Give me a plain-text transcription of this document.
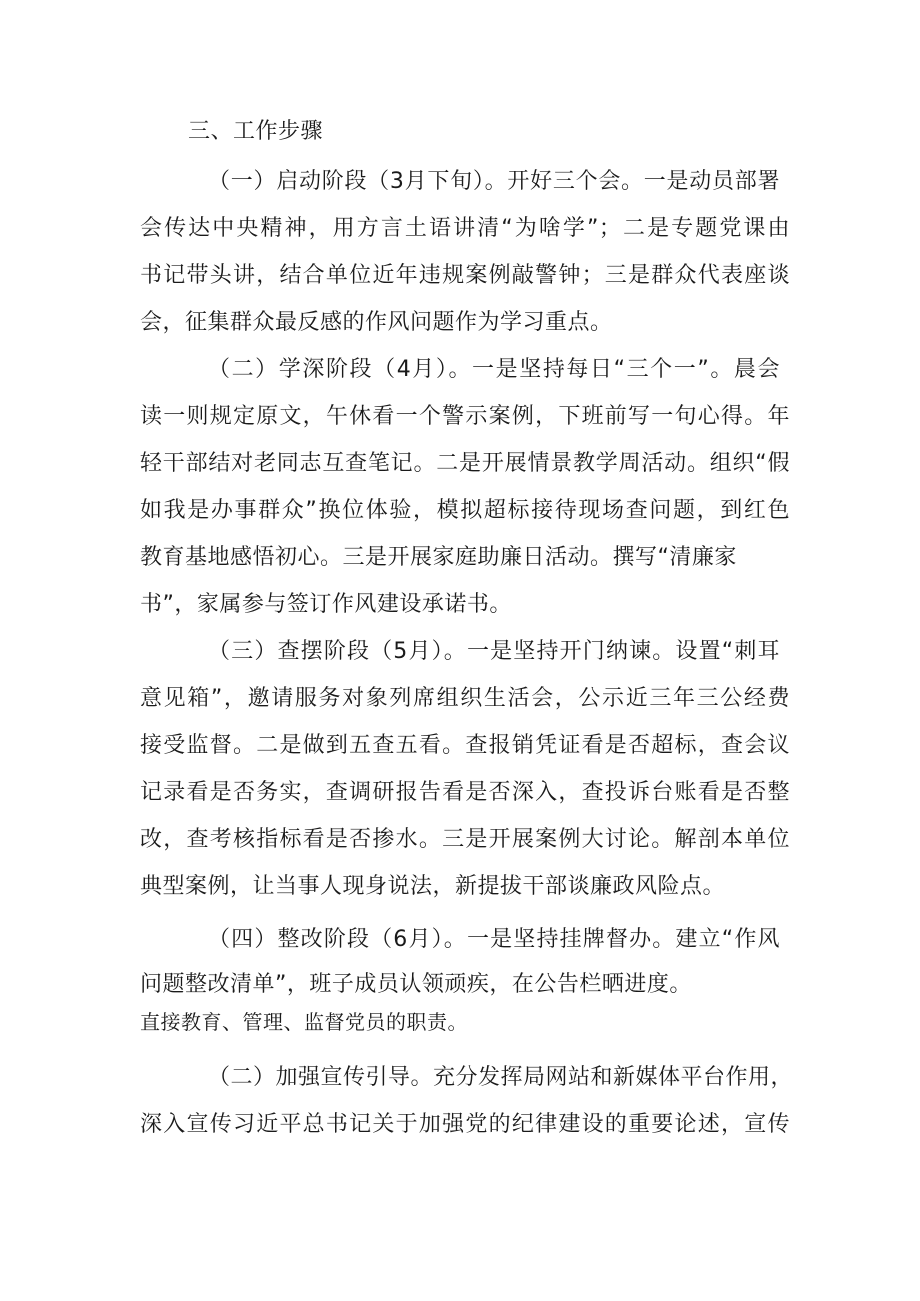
三、工作步骤
（一）启动阶段（3月下旬）。开好三个会。一是动员部署
会传达中央精神，用方言土语讲清“为啥学”；二是专题党课由
书记带头讲，结合单位近年违规案例敲警钟；三是群众代表座谈
会，征集群众最反感的作风问题作为学习重点。
（二）学深阶段（4月）。一是坚持每日“三个一”。晨会
读一则规定原文，午休看一个警示案例，下班前写一句心得。年
轻干部结对老同志互查笔记。二是开展情景教学周活动。组织“假
如我是办事群众”换位体验，模拟超标接待现场查问题，到红色
教育基地感悟初心。三是开展家庭助廉日活动。撰写“清廉家
书”，家属参与签订作风建设承诺书。
（三）查摆阶段（5月）。一是坚持开门纳谏。设置“刺耳
意见箱”，邀请服务对象列席组织生活会，公示近三年三公经费
接受监督。二是做到五查五看。查报销凭证看是否超标，查会议
记录看是否务实，查调研报告看是否深入，查投诉台账看是否整
改，查考核指标看是否掺水。三是开展案例大讨论。解剖本单位
典型案例，让当事人现身说法，新提拔干部谈廉政风险点。
（四）整改阶段（6月）。一是坚持挂牌督办。建立“作风
问题整改清单”，班子成员认领顽疾，在公告栏晒进度。
直接教育、管理、监督党员的职责。
（二）加强宣传引导。充分发挥局网站和新媒体平台作用，
深入宣传习近平总书记关于加强党的纪律建设的重要论述，宣传
